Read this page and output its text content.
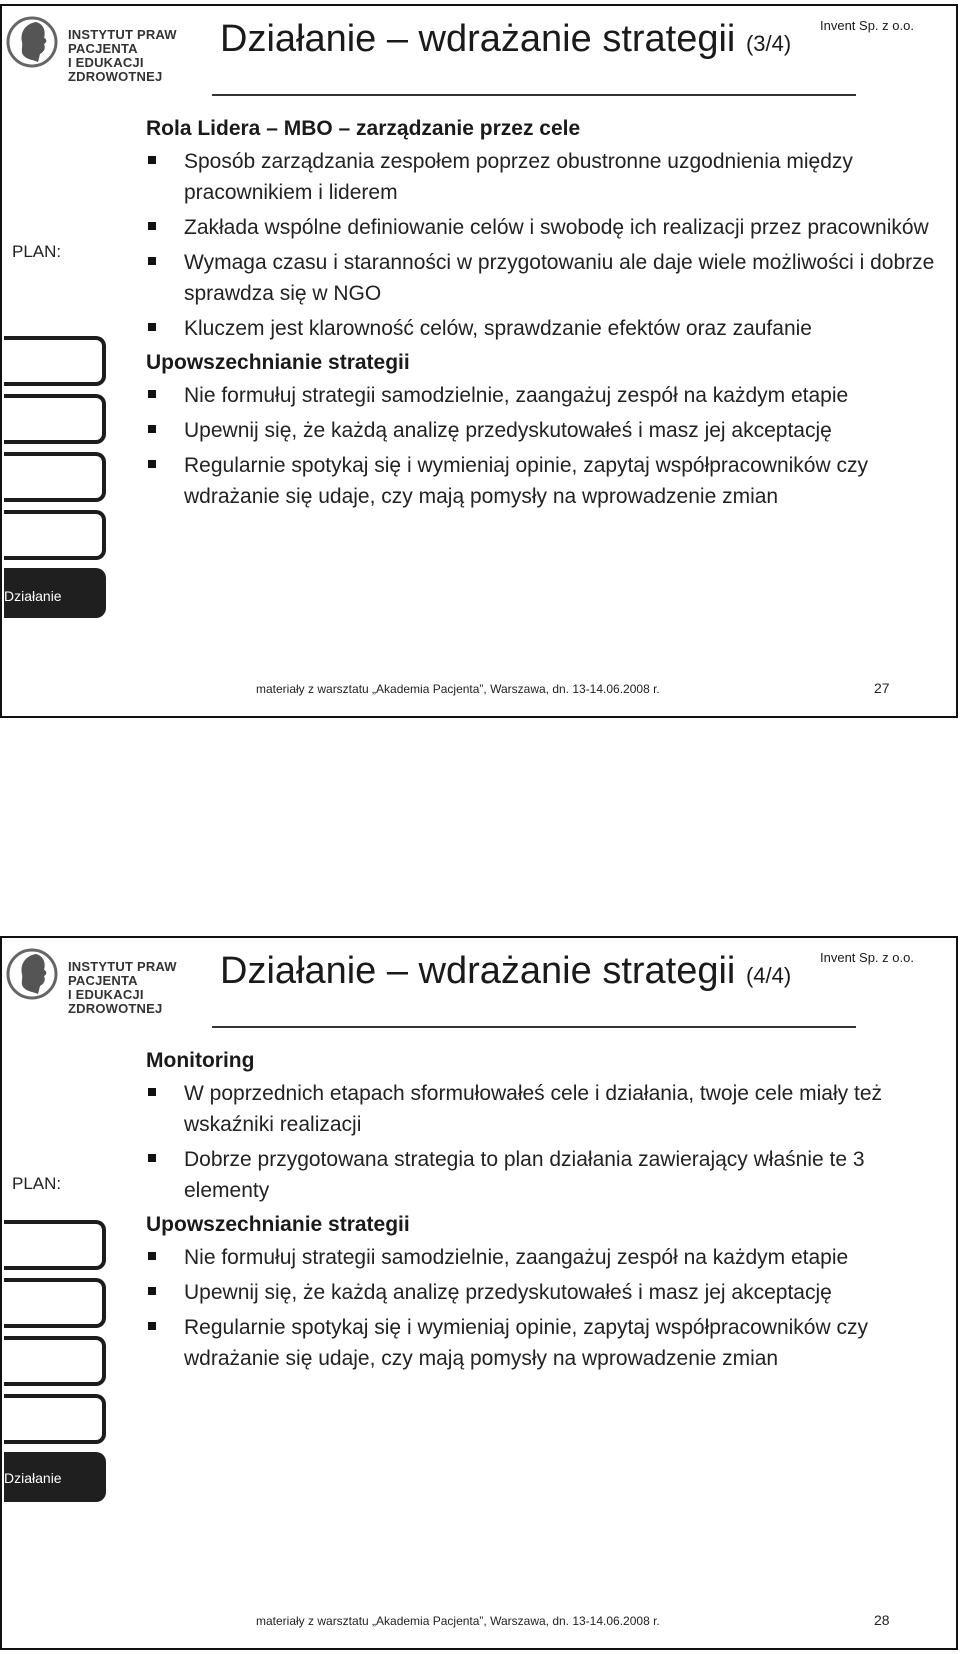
INSTYTUT PRAW PACJENTA
I EDUKACJI ZDROWOTNEJ
Działanie – wdrażanie strategii (3/4)
Invent Sp. z o.o.
PLAN:
Działanie
Rola Lidera – MBO – zarządzanie przez cele
Sposób zarządzania zespołem poprzez obustronne uzgodnienia między pracownikiem i liderem
Zakłada wspólne definiowanie celów i swobodę ich realizacji przez pracowników
Wymaga czasu i staranności w przygotowaniu ale daje wiele możliwości i dobrze sprawdza się w NGO
Kluczem jest klarowność celów, sprawdzanie efektów oraz zaufanie
Upowszechnianie strategii
Nie formułuj strategii samodzielnie, zaangażuj zespół na każdym etapie
Upewnij się, że każdą analizę przedyskutowałeś i masz jej akceptację
Regularnie spotykaj się i wymieniaj opinie, zapytaj współpracowników czy wdrażanie się udaje, czy mają pomysły na wprowadzenie zmian
materiały z warsztatu „Akademia Pacjenta”, Warszawa, dn. 13-14.06.2008 r.	27
INSTYTUT PRAW PACJENTA
I EDUKACJI ZDROWOTNEJ
Działanie – wdrażanie strategii (4/4)
Invent Sp. z o.o.
PLAN:
Działanie
Monitoring
W poprzednich etapach sformułowałeś cele i działania, twoje cele miały też wskaźniki realizacji
Dobrze przygotowana strategia to plan działania zawierający właśnie te 3 elementy
Upowszechnianie strategii
Nie formułuj strategii samodzielnie, zaangażuj zespół na każdym etapie
Upewnij się, że każdą analizę przedyskutowałeś i masz jej akceptację
Regularnie spotykaj się i wymieniaj opinie, zapytaj współpracowników czy wdrażanie się udaje, czy mają pomysły na wprowadzenie zmian
materiały z warsztatu „Akademia Pacjenta”, Warszawa, dn. 13-14.06.2008 r.	28
